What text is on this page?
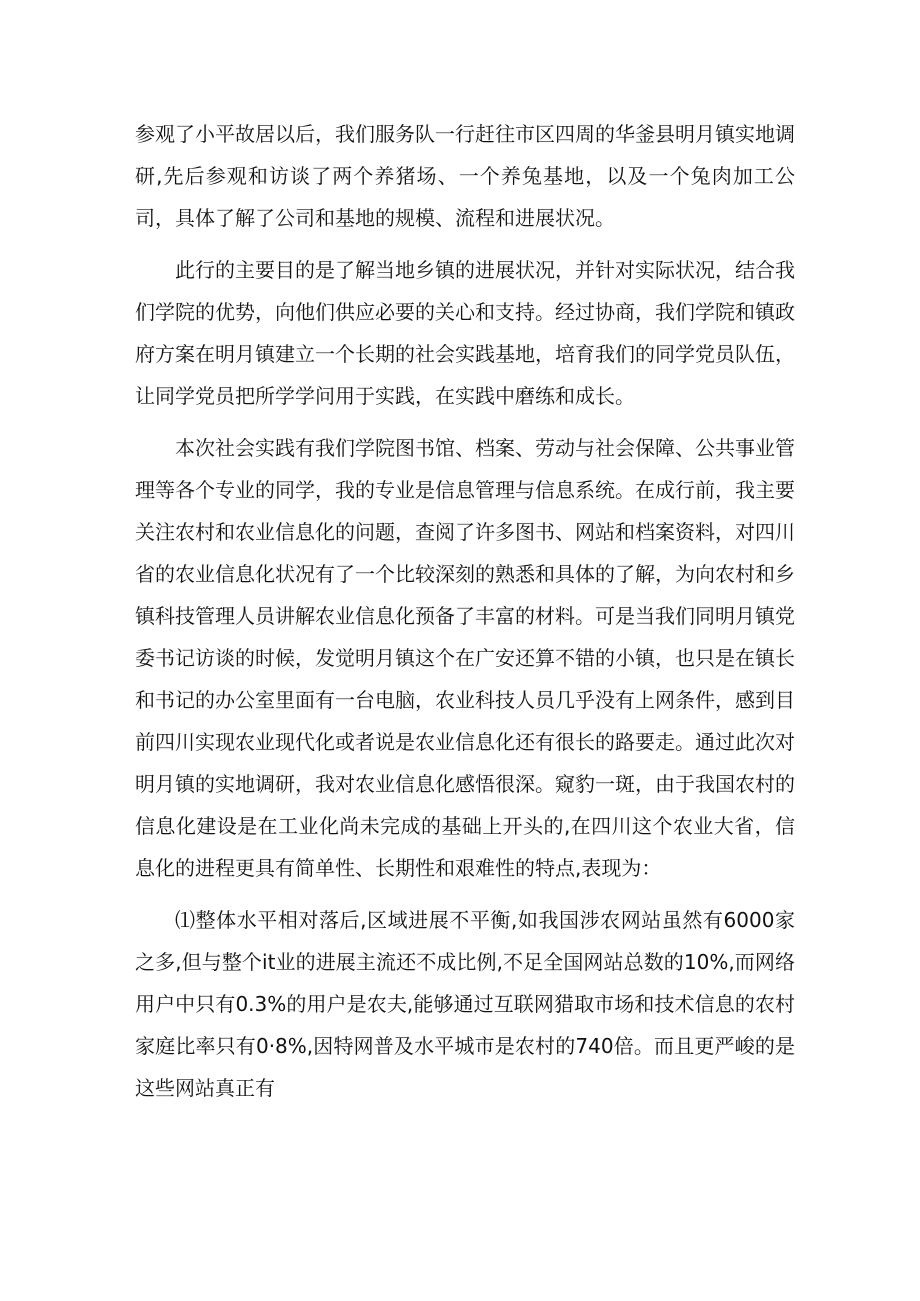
参观了小平故居以后，我们服务队一行赶往市区四周的华釜县明月镇实地调研,先后参观和访谈了两个养猪场、一个养兔基地，以及一个兔肉加工公司，具体了解了公司和基地的规模、流程和进展状况。

此行的主要目的是了解当地乡镇的进展状况，并针对实际状况，结合我们学院的优势，向他们供应必要的关心和支持。经过协商，我们学院和镇政府方案在明月镇建立一个长期的社会实践基地，培育我们的同学党员队伍，让同学党员把所学学问用于实践，在实践中磨练和成长。

本次社会实践有我们学院图书馆、档案、劳动与社会保障、公共事业管理等各个专业的同学，我的专业是信息管理与信息系统。在成行前，我主要关注农村和农业信息化的问题，查阅了许多图书、网站和档案资料，对四川省的农业信息化状况有了一个比较深刻的熟悉和具体的了解，为向农村和乡镇科技管理人员讲解农业信息化预备了丰富的材料。可是当我们同明月镇党委书记访谈的时候，发觉明月镇这个在广安还算不错的小镇，也只是在镇长和书记的办公室里面有一台电脑，农业科技人员几乎没有上网条件，感到目前四川实现农业现代化或者说是农业信息化还有很长的路要走。通过此次对明月镇的实地调研，我对农业信息化感悟很深。窥豹一斑，由于我国农村的信息化建设是在工业化尚未完成的基础上开头的,在四川这个农业大省，信息化的进程更具有简单性、长期性和艰难性的特点,表现为：

⑴整体水平相对落后,区域进展不平衡,如我国涉农网站虽然有6000家之多,但与整个it业的进展主流还不成比例,不足全国网站总数的10%,而网络用户中只有0.3%的用户是农夫,能够通过互联网猎取市场和技术信息的农村家庭比率只有0·8%,因特网普及水平城市是农村的740倍。而且更严峻的是这些网站真正有
